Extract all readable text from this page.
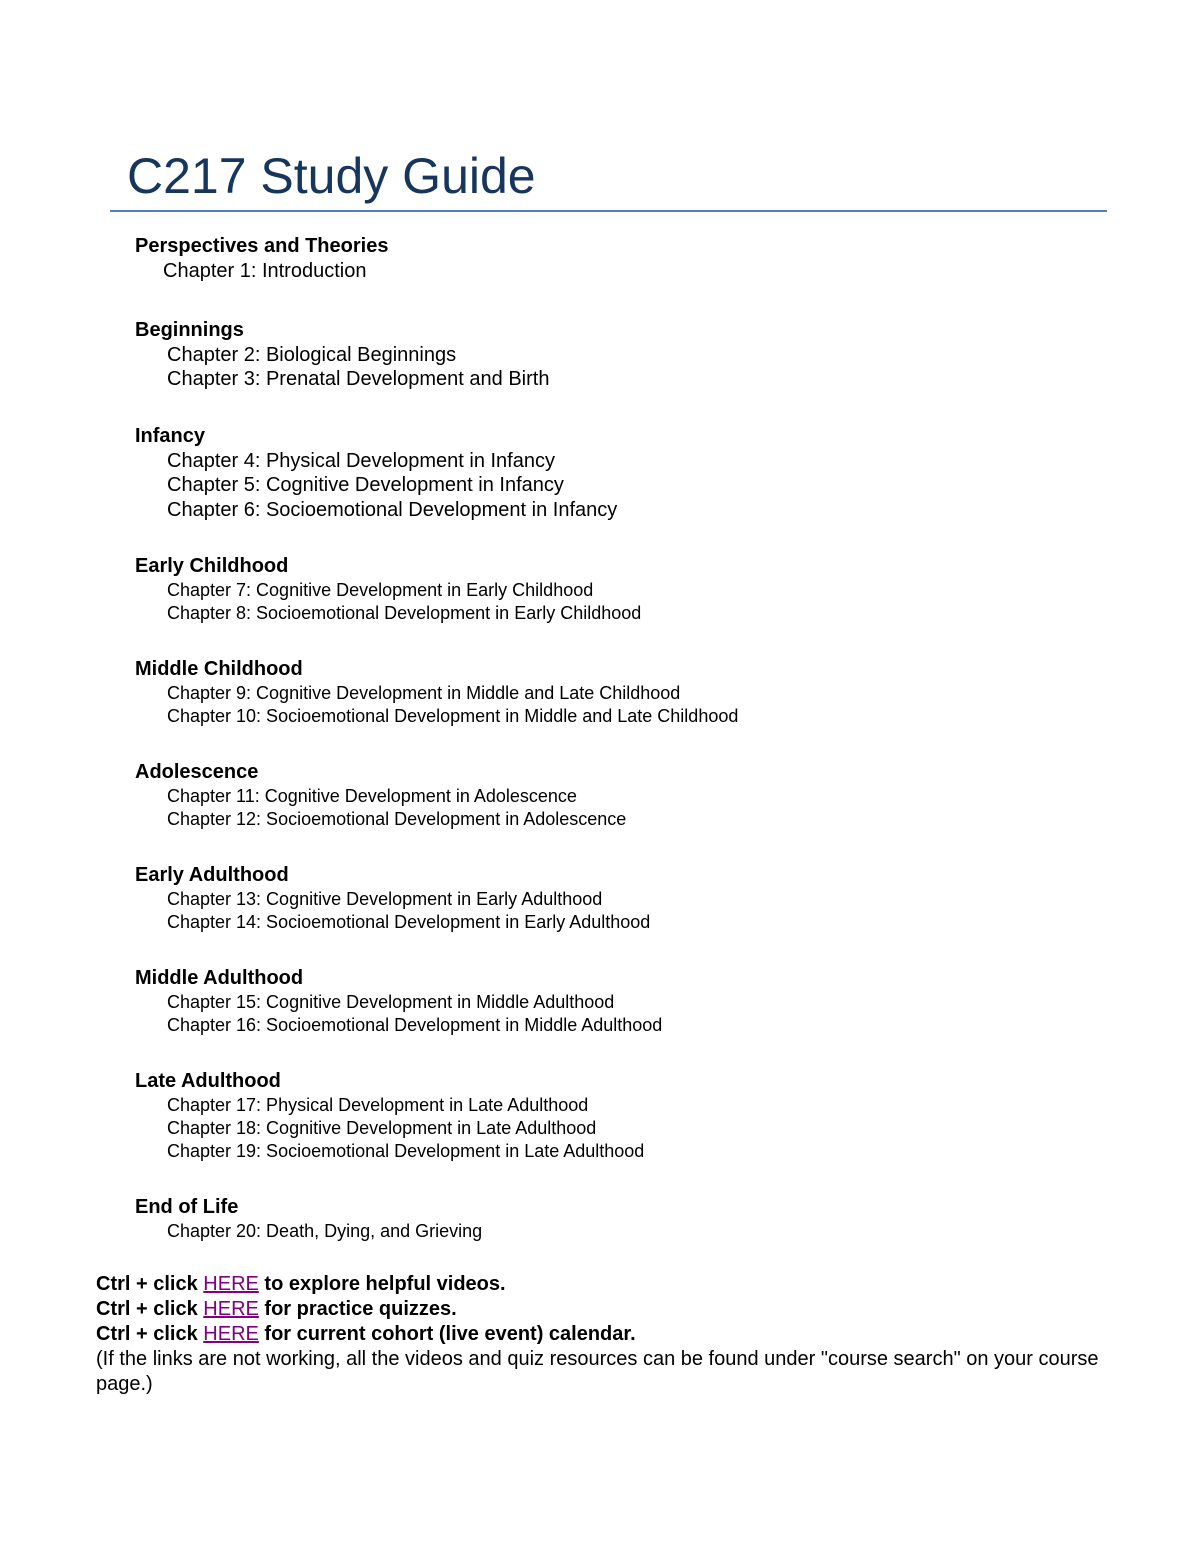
C217 Study Guide
Perspectives and Theories
Chapter 1: Introduction
Beginnings
Chapter 2: Biological Beginnings
Chapter 3: Prenatal Development and Birth
Infancy
Chapter 4: Physical Development in Infancy
Chapter 5: Cognitive Development in Infancy
Chapter 6: Socioemotional Development in Infancy
Early Childhood
Chapter 7: Cognitive Development in Early Childhood
Chapter 8: Socioemotional Development in Early Childhood
Middle Childhood
Chapter 9: Cognitive Development in Middle and Late Childhood
Chapter 10: Socioemotional Development in Middle and Late Childhood
Adolescence
Chapter 11: Cognitive Development in Adolescence
Chapter 12: Socioemotional Development in Adolescence
Early Adulthood
Chapter 13: Cognitive Development in Early Adulthood
Chapter 14: Socioemotional Development in Early Adulthood
Middle Adulthood
Chapter 15: Cognitive Development in Middle Adulthood
Chapter 16: Socioemotional Development in Middle Adulthood
Late Adulthood
Chapter 17: Physical Development in Late Adulthood
Chapter 18: Cognitive Development in Late Adulthood
Chapter 19: Socioemotional Development in Late Adulthood
End of Life
Chapter 20: Death, Dying, and Grieving
Ctrl + click HERE to explore helpful videos.
Ctrl + click HERE for practice quizzes.
Ctrl + click HERE for current cohort (live event) calendar.
(If the links are not working, all the videos and quiz resources can be found under "course search" on your course page.)
